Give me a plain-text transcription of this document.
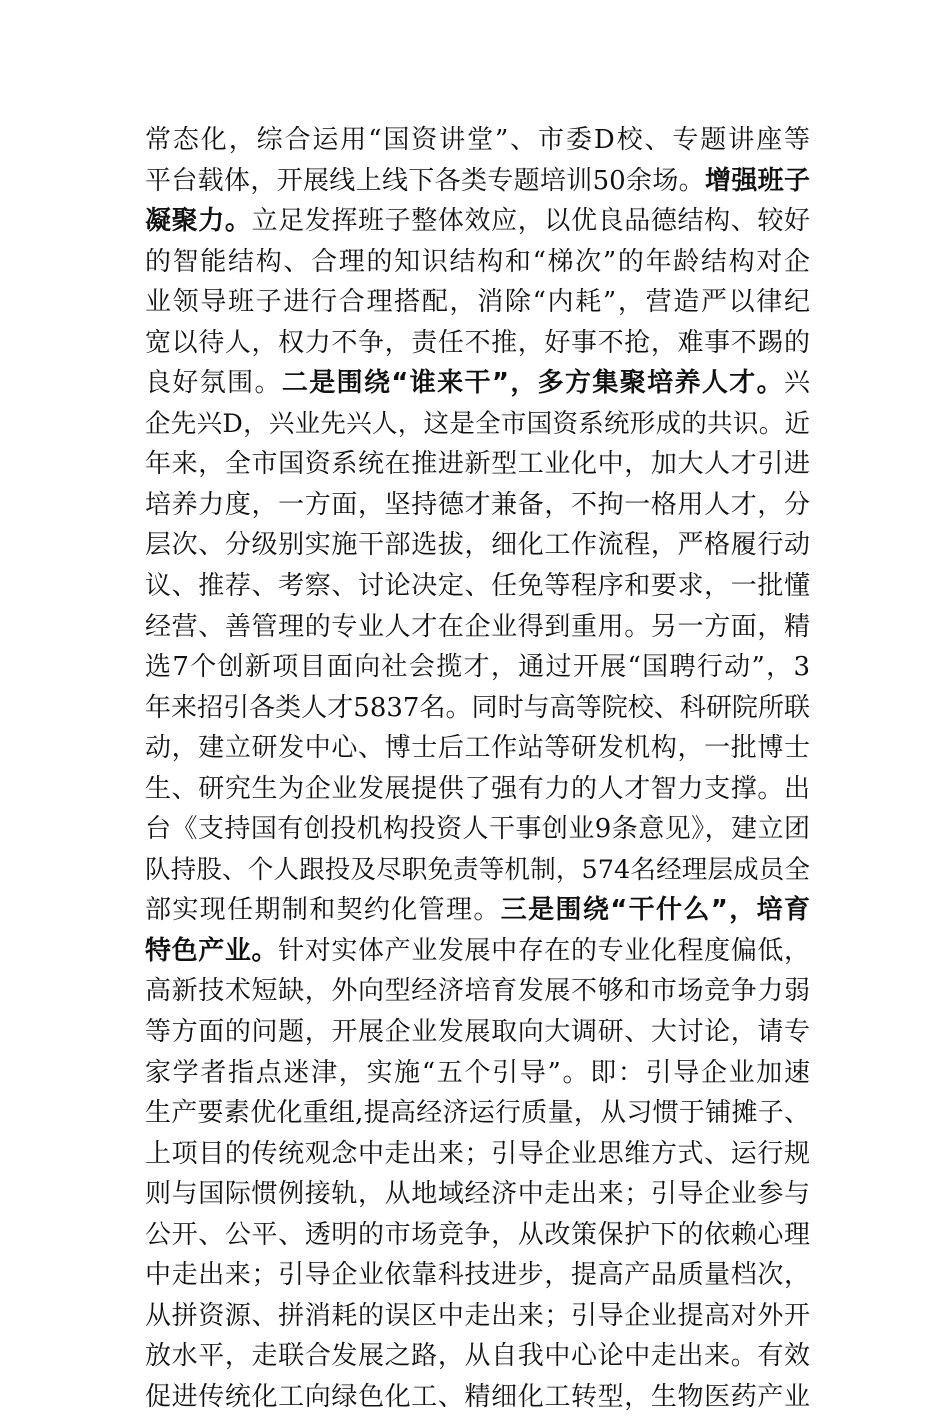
常态化，综合运用“国资讲堂”、市委D校、专题讲座等
平台载体，开展线上线下各类专题培训50余场。增强班子
凝聚力。立足发挥班子整体效应，以优良品德结构、较好
的智能结构、合理的知识结构和“梯次”的年龄结构对企
业领导班子进行合理搭配，消除“内耗”，营造严以律纪
宽以待人，权力不争，责任不推，好事不抢，难事不踢的
良好氛围。二是围绕“谁来干”，多方集聚培养人才。兴
企先兴D，兴业先兴人，这是全市国资系统形成的共识。近
年来，全市国资系统在推进新型工业化中，加大人才引进
培养力度，一方面，坚持德才兼备，不拘一格用人才，分
层次、分级别实施干部选拔，细化工作流程，严格履行动
议、推荐、考察、讨论决定、任免等程序和要求，一批懂
经营、善管理的专业人才在企业得到重用。另一方面，精
选7个创新项目面向社会揽才，通过开展“国聘行动”，3
年来招引各类人才5837名。同时与高等院校、科研院所联
动，建立研发中心、博士后工作站等研发机构，一批博士
生、研究生为企业发展提供了强有力的人才智力支撑。出
台《支持国有创投机构投资人干事创业9条意见》，建立团
队持股、个人跟投及尽职免责等机制，574名经理层成员全
部实现任期制和契约化管理。三是围绕“干什么”，培育
特色产业。针对实体产业发展中存在的专业化程度偏低，
高新技术短缺，外向型经济培育发展不够和市场竞争力弱
等方面的问题，开展企业发展取向大调研、大讨论，请专
家学者指点迷津，实施“五个引导”。即：引导企业加速
生产要素优化重组,提高经济运行质量，从习惯于铺摊子、
上项目的传统观念中走出来；引导企业思维方式、运行规
则与国际惯例接轨，从地域经济中走出来；引导企业参与
公开、公平、透明的市场竞争，从改策保护下的依赖心理
中走出来；引导企业依靠科技进步，提高产品质量档次，
从拼资源、拼消耗的误区中走出来；引导企业提高对外开
放水平，走联合发展之路，从自我中心论中走出来。有效
促进传统化工向绿色化工、精细化工转型，生物医药产业
